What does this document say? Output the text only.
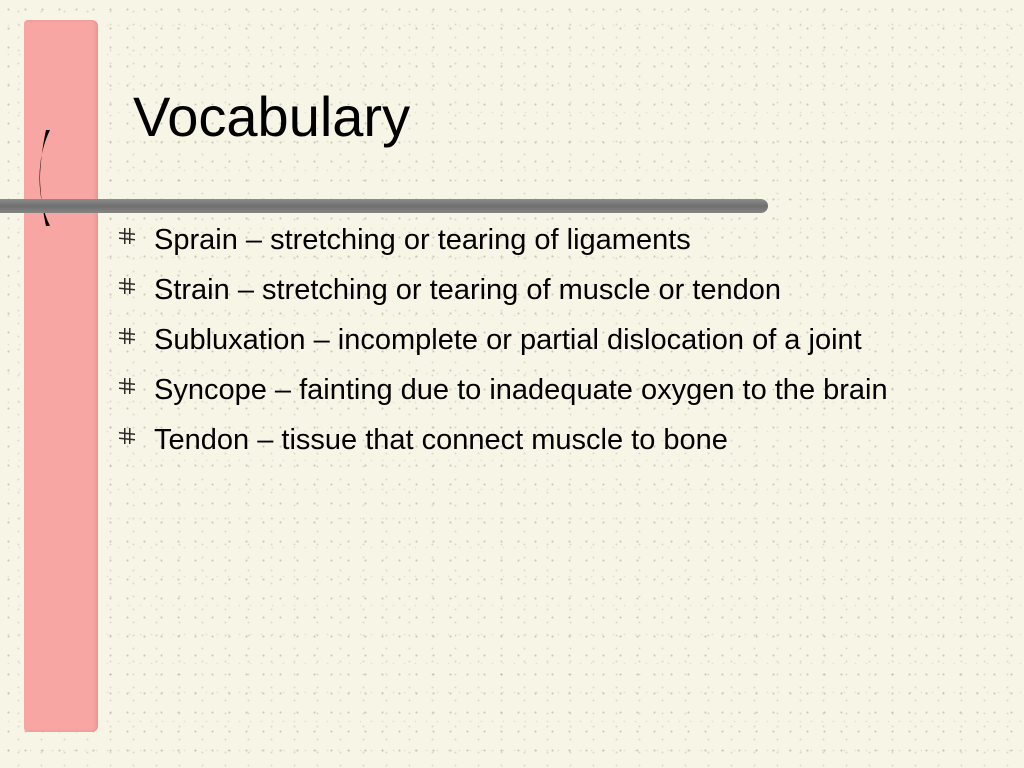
Vocabulary
Sprain – stretching or tearing of ligaments
Strain – stretching or tearing of muscle or tendon
Subluxation – incomplete or partial dislocation of a joint
Syncope – fainting due to inadequate oxygen to the brain
Tendon – tissue that connect muscle to bone
